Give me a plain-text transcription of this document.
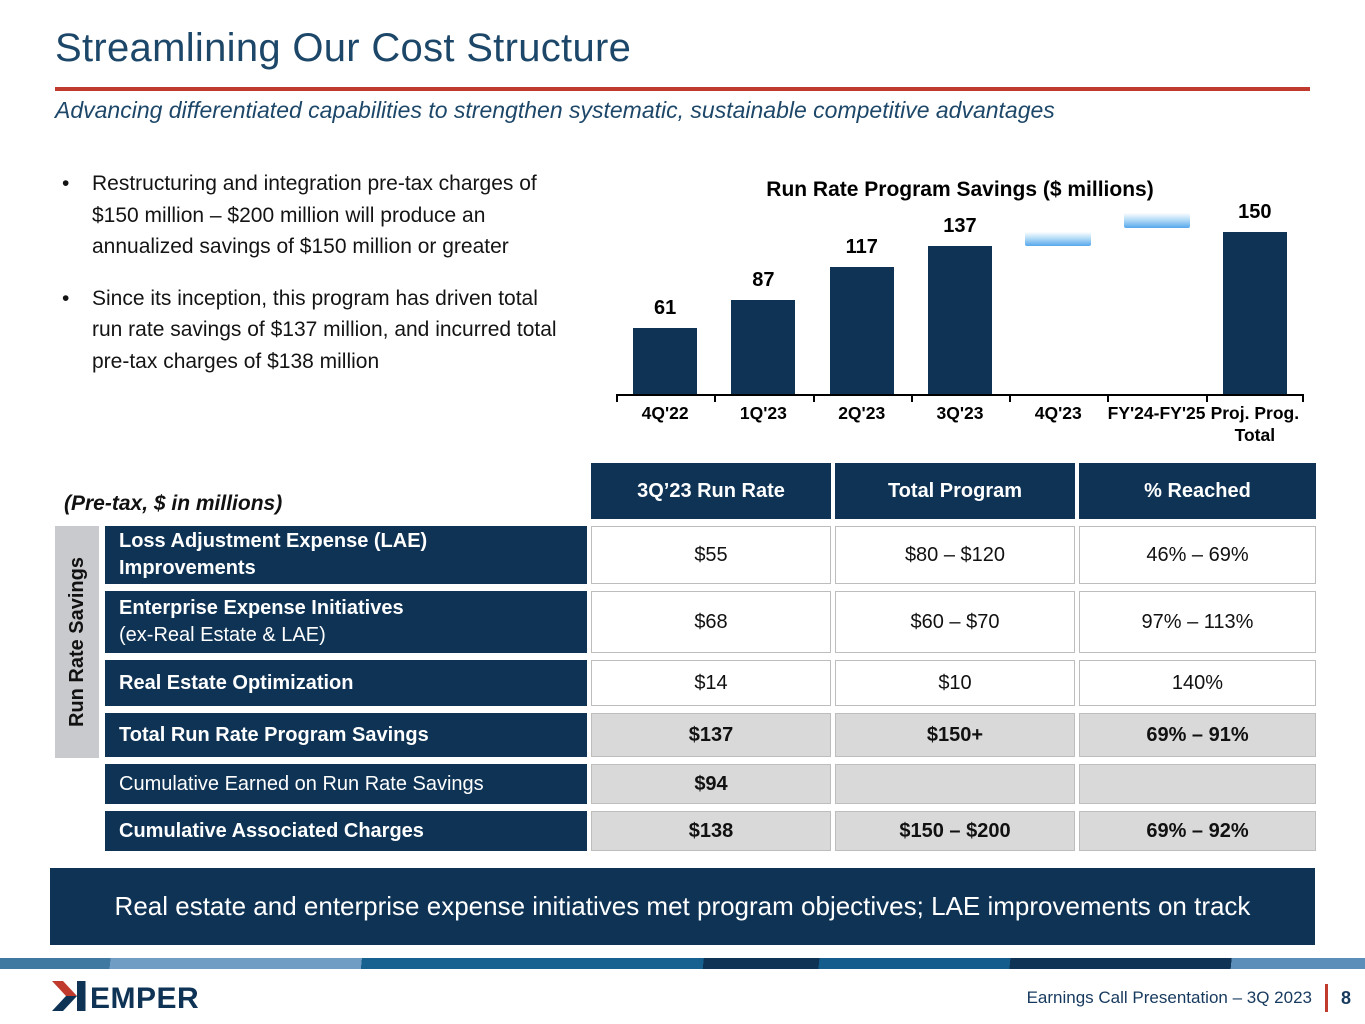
Streamlining Our Cost Structure
Advancing differentiated capabilities to strengthen systematic, sustainable competitive advantages
•	Restructuring and integration pre-tax charges of $150 million – $200 million will produce an annualized savings of $150 million or greater
•	Since its inception, this program has driven total run rate savings of $137 million, and incurred total pre-tax charges of $138 million
Run Rate Program Savings ($ millions)
61
87
117
137
150
4Q'22	1Q'23	2Q'23	3Q'23	4Q'23	FY'24-FY'25 Proj. Prog. Total
(Pre-tax, $ in millions)
Run Rate Savings
3Q’23 Run Rate	Total Program	% Reached
Loss Adjustment Expense (LAE)
Improvements
$55	$80 – $120	46% – 69%
Enterprise Expense Initiatives
(ex-Real Estate & LAE)
$68	$60 – $70	97% – 113%
Real Estate Optimization	$14	$10	140%
Total Run Rate Program Savings	$137	$150+	69% – 91%
Cumulative Earned on Run Rate Savings	$94
Cumulative Associated Charges	$138	$150 – $200	69% – 92%
Real estate and enterprise expense initiatives met program objectives; LAE improvements on track
EMPER	Earnings Call Presentation – 3Q 2023 8
